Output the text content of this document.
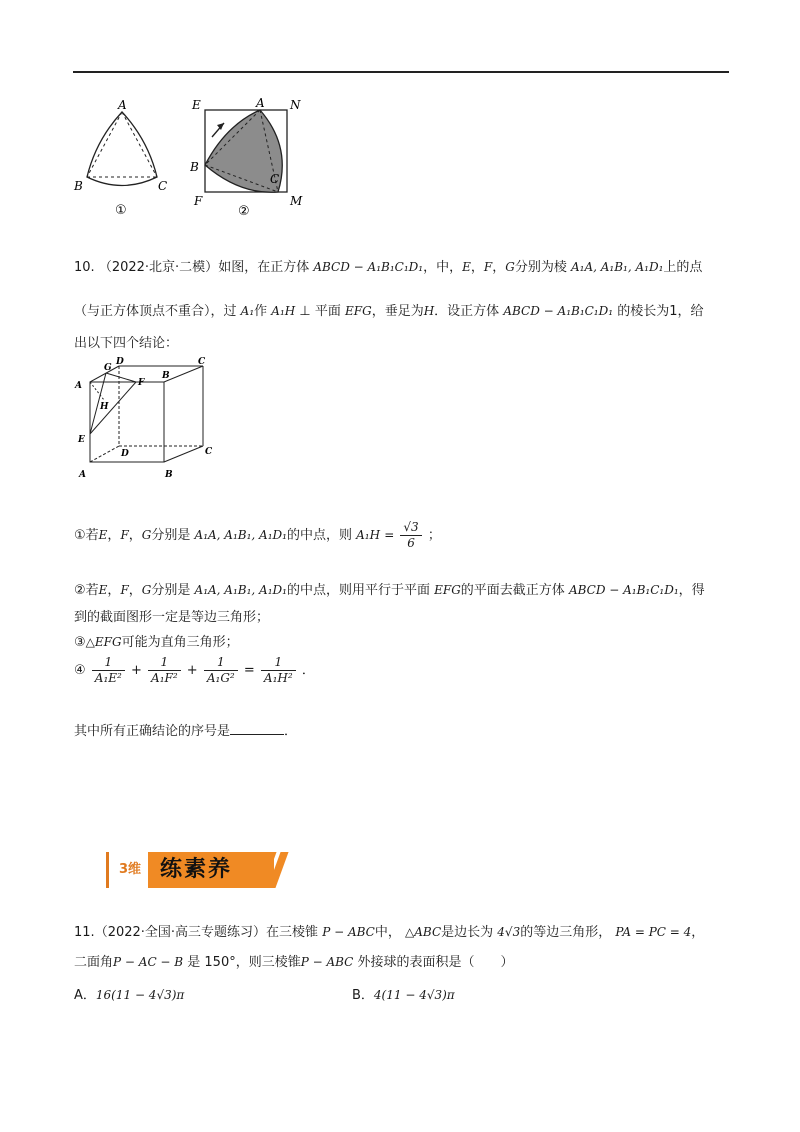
A
B	C
①
E	A N
B
C
F	M
②
10. （2022·北京·二模）如图，在正方体 ABCD − A₁B₁C₁D₁，中，E，F，G分别为棱 A₁A, A₁B₁, A₁D₁上的点
（与正方体顶点不重合），过 A₁作 A₁H ⊥ 平面 EFG，垂足为H．设正方体 ABCD − A₁B₁C₁D₁ 的棱长为1，给
出以下四个结论：
A
D	C
B
G
F
H
E
D	C
A	B
①若E，F，G分别是 A₁A, A₁B₁, A₁D₁的中点，则 $A_1H = \frac{√3}{6}$ ；
②若E，F，G分别是 A₁A, A₁B₁, A₁D₁的中点，则用平行于平面 EFG的平面去截正方体 ABCD − A₁B₁C₁D₁，得
到的截面图形一定是等边三角形；
③△EFG可能为直角三角形；
④ $\frac{1}{\text{A₁E²}} + \frac{1}{\text{A₁F²}} + \frac{1}{\text{A₁G²}} = \frac{1}{\text{A₁H²}}$ ．
其中所有正确结论的序号是	．
3维 练素养
11.（2022·全国·高三专题练习）在三棱锥 P − ABC中， △ABC是边长为 4√3的等边三角形， PA = PC = 4，
二面角P − AC − B 是 150°，则三棱锥P − ABC 外接球的表面积是（　　）
A．16(11 − 4√3)π	B．4(11 − 4√3)π
